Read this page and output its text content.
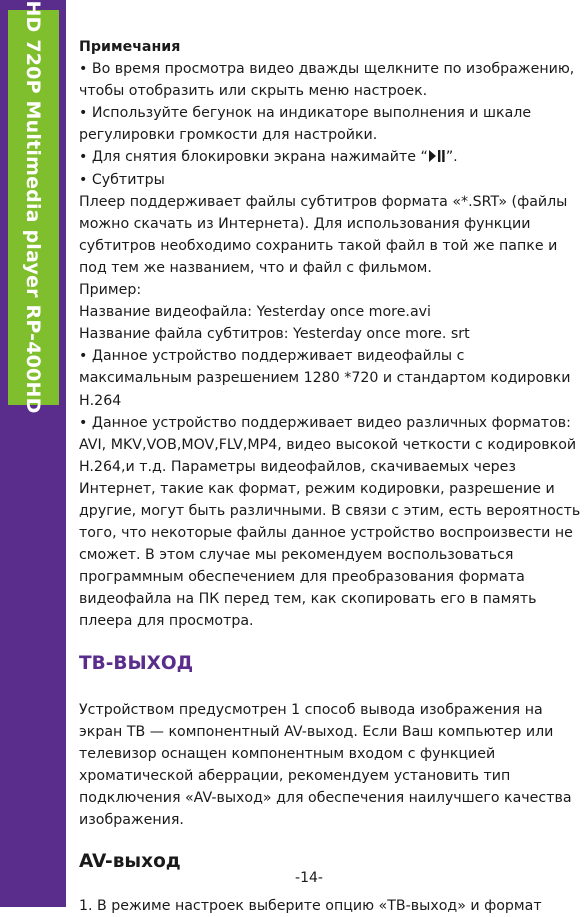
HD 720P Multimedia player RP-400HD Примечания

• Во время просмотра видео дважды щелкните по изображению, чтобы отобразить или скрыть меню настроек.

• Используйте бегунок на индикаторе выполнения и шкале регулировки громкости для настройки.

• Для снятия блокировки экрана нажимайте “ ”.

• Субтитры

Плеер поддерживает файлы субтитров формата «*.SRT» (файлы можно скачать из Интернета). Для использования функции субтитров необходимо сохранить такой файл в той же папке и под тем же названием, что и файл с фильмом.

Пример:

Название видеофайла: Yesterday once more.avi

Название файла субтитров: Yesterday once more. srt

• Данное устройство поддерживает видеофайлы с максимальным разрешением 1280 *720 и стандартом кодировки Н.264

• Данное устройство поддерживает видео различных форматов: AVI, MKV,VOB,MOV,FLV,MP4, видео высокой четкости с кодировкой H.264,и т.д. Параметры видеофайлов, скачиваемых через Интернет, такие как формат, режим кодировки, разрешение и другие, могут быть различными. В связи с этим, есть вероятность того, что некоторые файлы данное устройство воспроизвести не сможет. В этом случае мы рекомендуем воспользоваться программным обеспечением для преобразования формата видеофайла на ПК перед тем, как скопировать его в память плеера для просмотра.

ТВ-ВЫХОД

Устройством предусмотрен 1 способ вывода изображения на экран ТВ — компонентный AV-выход. Если Ваш компьютер или телевизор оснащен компонентным входом с функцией хроматической аберрации, рекомендуем установить тип подключения «AV-выход» для обеспечения наилучшего качества изображения.

AV-выход

1. В режиме настроек выберите опцию «ТВ-выход» и формат

-14-
